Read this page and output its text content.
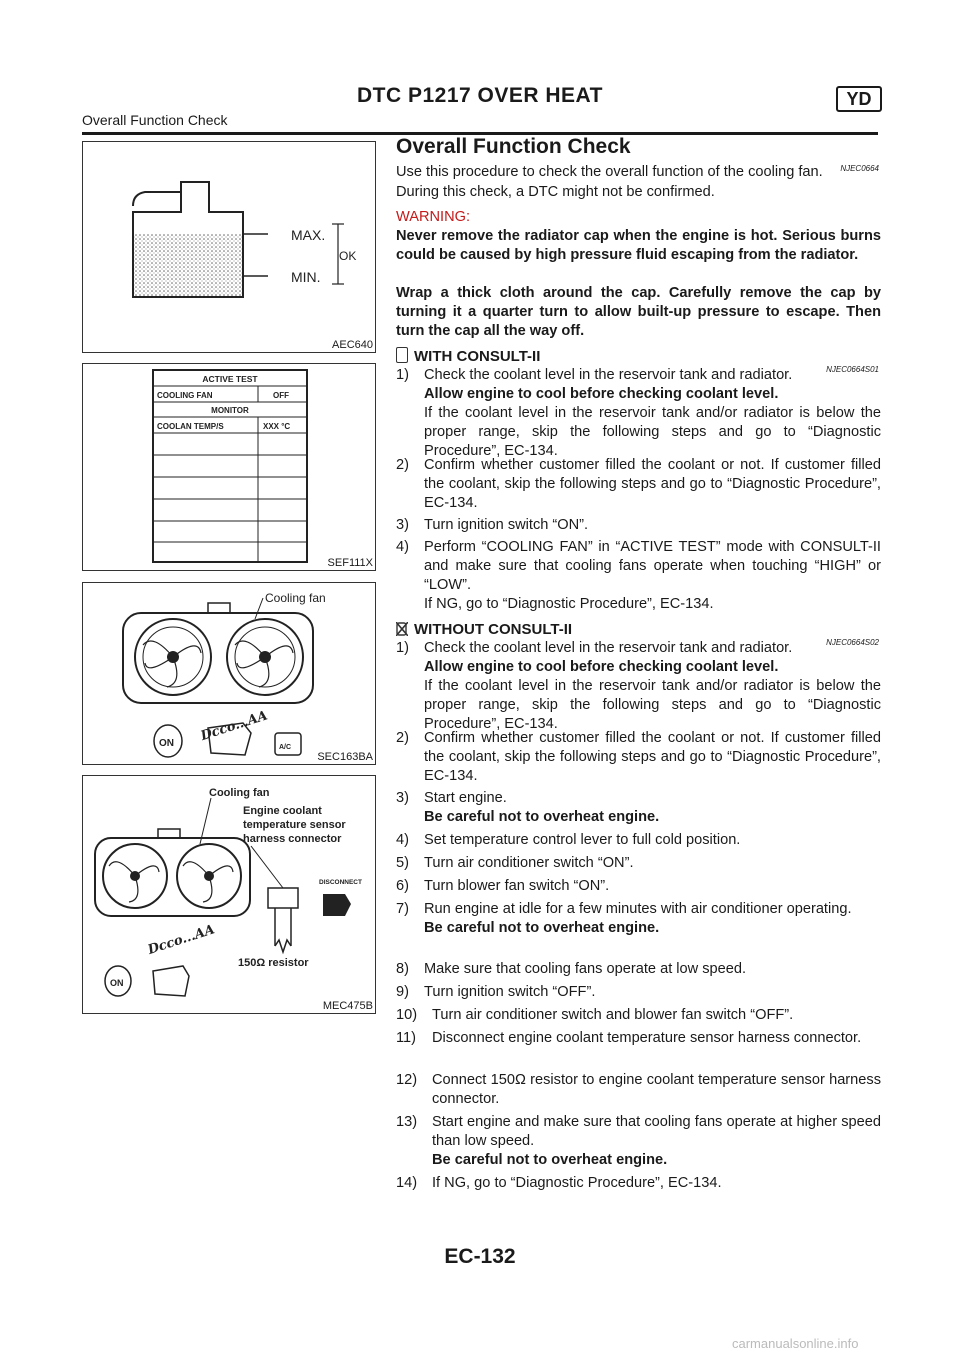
DTC P1217 OVER HEAT	YD
Overall Function Check
MAX.
MIN.
OK
AEC640
ACTIVE TEST
COOLING FAN	OFF
MONITOR
COOLAN TEMP/S	XXX °C
SEF111X
Cooling fan
Dcco...AA
ON	A/C
SEC163BA
Cooling fan
Engine coolant
temperature sensor
harness connector
DISCONNECT
150Ω resistor
Dcco...AA
ON
MEC475B
Overall Function Check
NJEC0664
Use this procedure to check the overall function of the cooling fan.
During this check, a DTC might not be confirmed.
WARNING:
Never remove the radiator cap when the engine is hot. Serious burns could be caused by high pressure fluid escaping from the radiator.
Wrap a thick cloth around the cap. Carefully remove the cap by turning it a quarter turn to allow built-up pressure to escape. Then turn the cap all the way off.
WITH CONSULT-II
NJEC0664S01
1) Check the coolant level in the reservoir tank and radiator.
Allow engine to cool before checking coolant level.
If the coolant level in the reservoir tank and/or radiator is below the proper range, skip the following steps and go to “Diagnostic Procedure”, EC-134.
2) Confirm whether customer filled the coolant or not. If customer filled the coolant, skip the following steps and go to “Diagnostic Procedure”, EC-134.
3) Turn ignition switch “ON”.
4) Perform “COOLING FAN” in “ACTIVE TEST” mode with CONSULT-II and make sure that cooling fans operate when touching “HIGH” or “LOW”.
If NG, go to “Diagnostic Procedure”, EC-134.
WITHOUT CONSULT-II
NJEC0664S02
1) Check the coolant level in the reservoir tank and radiator.
Allow engine to cool before checking coolant level.
If the coolant level in the reservoir tank and/or radiator is below the proper range, skip the following steps and go to “Diagnostic Procedure”, EC-134.
2) Confirm whether customer filled the coolant or not. If customer filled the coolant, skip the following steps and go to “Diagnostic Procedure”, EC-134.
3) Start engine.
Be careful not to overheat engine.
4) Set temperature control lever to full cold position.
5) Turn air conditioner switch “ON”.
6) Turn blower fan switch “ON”.
7) Run engine at idle for a few minutes with air conditioner operating.
Be careful not to overheat engine.
8) Make sure that cooling fans operate at low speed.
9) Turn ignition switch “OFF”.
10) Turn air conditioner switch and blower fan switch “OFF”.
11) Disconnect engine coolant temperature sensor harness connector.
12) Connect 150Ω resistor to engine coolant temperature sensor harness connector.
13) Start engine and make sure that cooling fans operate at higher speed than low speed.
Be careful not to overheat engine.
14) If NG, go to “Diagnostic Procedure”, EC-134.
EC-132
carmanualsonline.info
